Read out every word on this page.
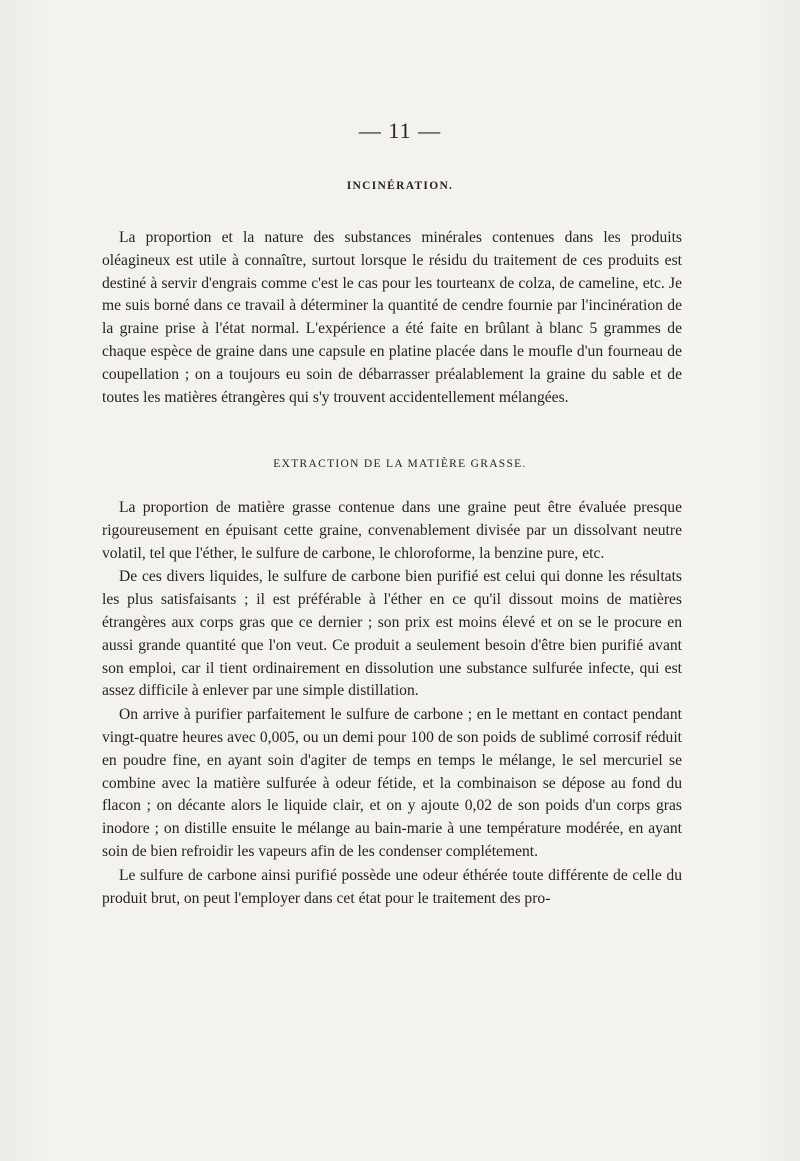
— 11 —
INCINÉRATION.

La proportion et la nature des substances minérales contenues dans les produits oléagineux est utile à connaître, surtout lorsque le résidu du traitement de ces produits est destiné à servir d'engrais comme c'est le cas pour les tourteanx de colza, de cameline, etc. Je me suis borné dans ce travail à déterminer la quantité de cendre fournie par l'incinération de la graine prise à l'état normal. L'expérience a été faite en brûlant à blanc 5 grammes de chaque espèce de graine dans une capsule en platine placée dans le moufle d'un fourneau de coupellation ; on a toujours eu soin de débarrasser préalablement la graine du sable et de toutes les matières étrangères qui s'y trouvent accidentellement mélangées.

EXTRACTION DE LA MATIÈRE GRASSE.

La proportion de matière grasse contenue dans une graine peut être évaluée presque rigoureusement en épuisant cette graine, convenablement divisée par un dissolvant neutre volatil, tel que l'éther, le sulfure de carbone, le chloroforme, la benzine pure, etc.

De ces divers liquides, le sulfure de carbone bien purifié est celui qui donne les résultats les plus satisfaisants ; il est préférable à l'éther en ce qu'il dissout moins de matières étrangères aux corps gras que ce dernier ; son prix est moins élevé et on se le procure en aussi grande quantité que l'on veut. Ce produit a seulement besoin d'être bien purifié avant son emploi, car il tient ordinairement en dissolution une substance sulfurée infecte, qui est assez difficile à enlever par une simple distillation.

On arrive à purifier parfaitement le sulfure de carbone ; en le mettant en contact pendant vingt-quatre heures avec 0,005, ou un demi pour 100 de son poids de sublimé corrosif réduit en poudre fine, en ayant soin d'agiter de temps en temps le mélange, le sel mercuriel se combine avec la matière sulfurée à odeur fétide, et la combinaison se dépose au fond du flacon ; on décante alors le liquide clair, et on y ajoute 0,02 de son poids d'un corps gras inodore ; on distille ensuite le mélange au bain-marie à une température modérée, en ayant soin de bien refroidir les vapeurs afin de les condenser complétement.

Le sulfure de carbone ainsi purifié possède une odeur éthérée toute différente de celle du produit brut, on peut l'employer dans cet état pour le traitement des pro-
